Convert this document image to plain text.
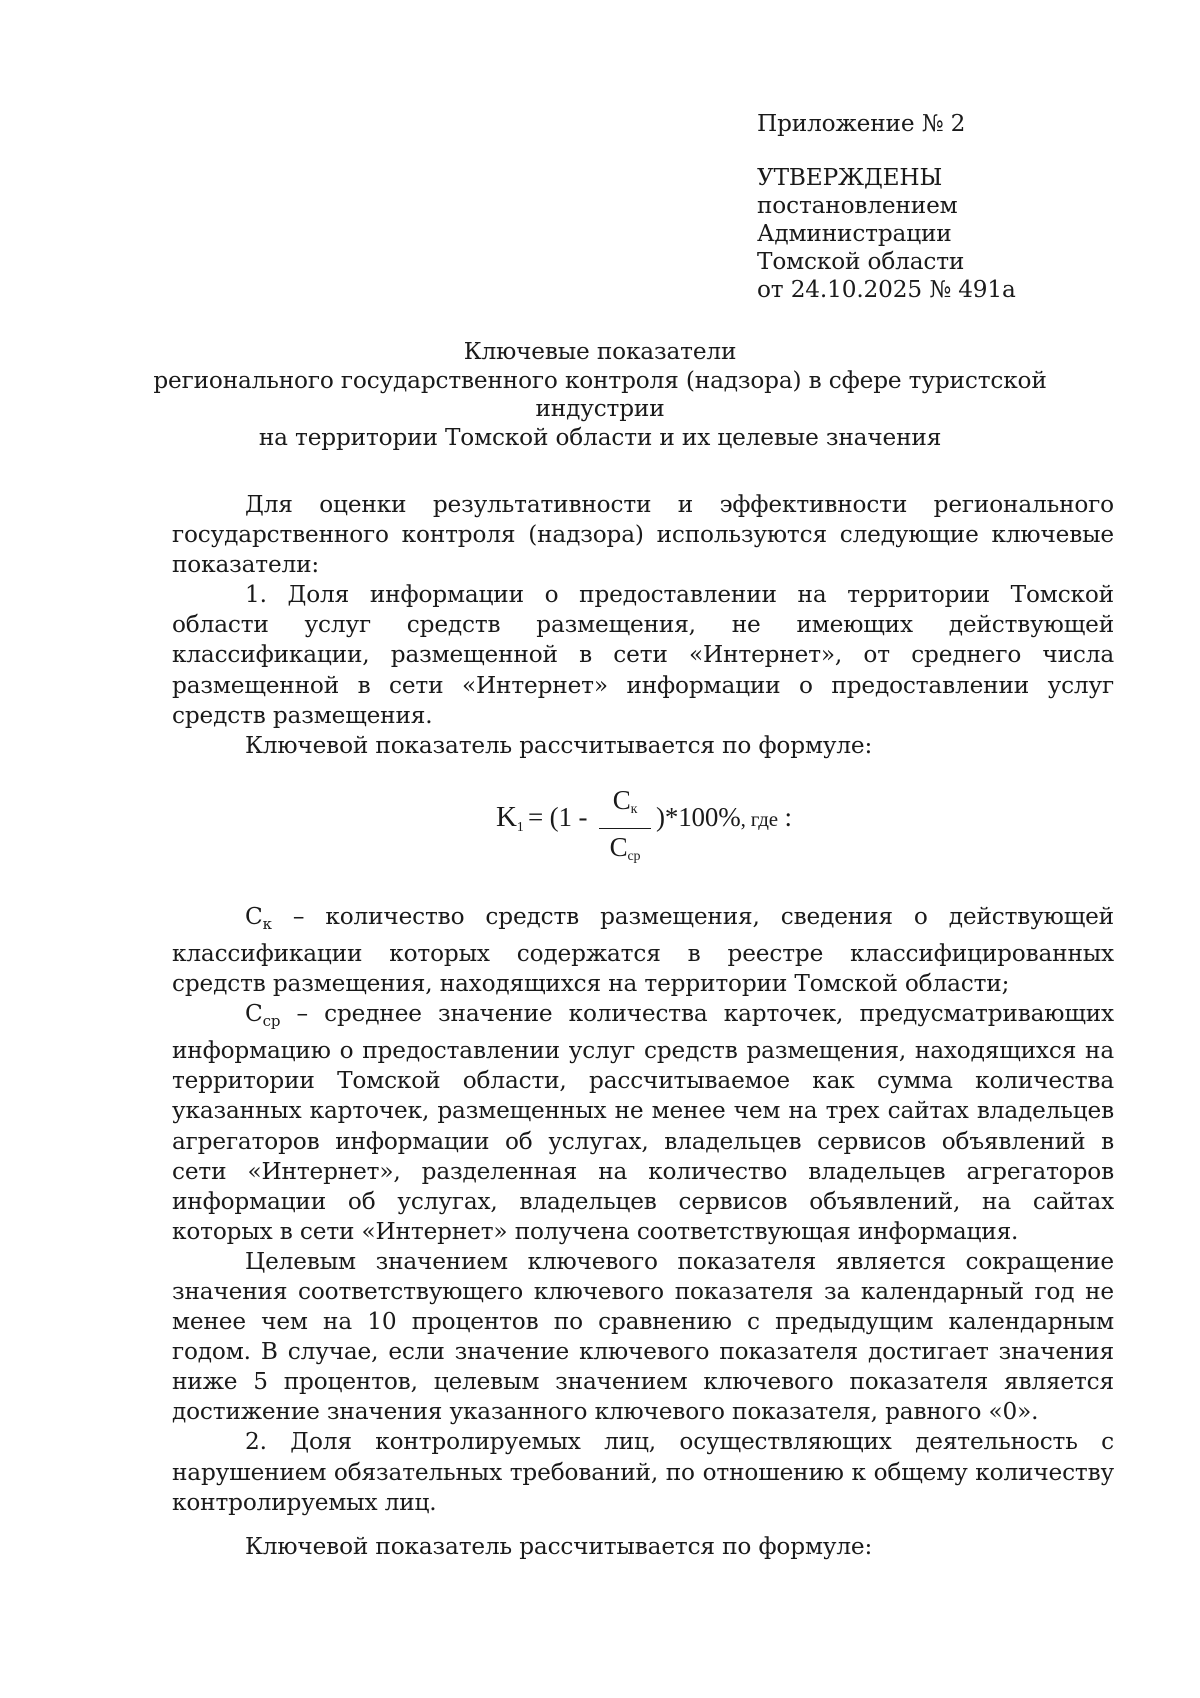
Приложение № 2
УТВЕРЖДЕНЫ
постановлением Администрации
Томской области
от 24.10.2025 № 491а
Ключевые показатели
регионального государственного контроля (надзора) в сфере туристской индустрии
на территории Томской области и их целевые значения

Для оценки результативности и эффективности регионального государственного контроля (надзора) используются следующие ключевые показатели:

1. Доля информации о предоставлении на территории Томской области услуг средств размещения, не имеющих действующей классификации, размещенной в сети «Интернет», от среднего числа размещенной в сети «Интернет» информации о предоставлении услуг средств размещения.

Ключевой показатель рассчитывается по формуле:

$K_1 = (1$ -
$C_к$
$C_{ср}$
)*100%, где :

$С_к$ – количество средств размещения, сведения о действующей классификации которых содержатся в реестре классифицированных средств размещения, находящихся на территории Томской области;

$С_{ср}$ – среднее значение количества карточек, предусматривающих информацию о предоставлении услуг средств размещения, находящихся на территории Томской области, рассчитываемое как сумма количества указанных карточек, размещенных не менее чем на трех сайтах владельцев агрегаторов информации об услугах, владельцев сервисов объявлений в сети «Интернет», разделенная на количество владельцев агрегаторов информации об услугах, владельцев сервисов объявлений, на сайтах которых в сети «Интернет» получена соответствующая информация.

Целевым значением ключевого показателя является сокращение значения соответствующего ключевого показателя за календарный год не менее чем на 10 процентов по сравнению с предыдущим календарным годом. В случае, если значение ключевого показателя достигает значения ниже 5 процентов, целевым значением ключевого показателя является достижение значения указанного ключевого показателя, равного «0».

2. Доля контролируемых лиц, осуществляющих деятельность с нарушением обязательных требований, по отношению к общему количеству контролируемых лиц.

Ключевой показатель рассчитывается по формуле:
